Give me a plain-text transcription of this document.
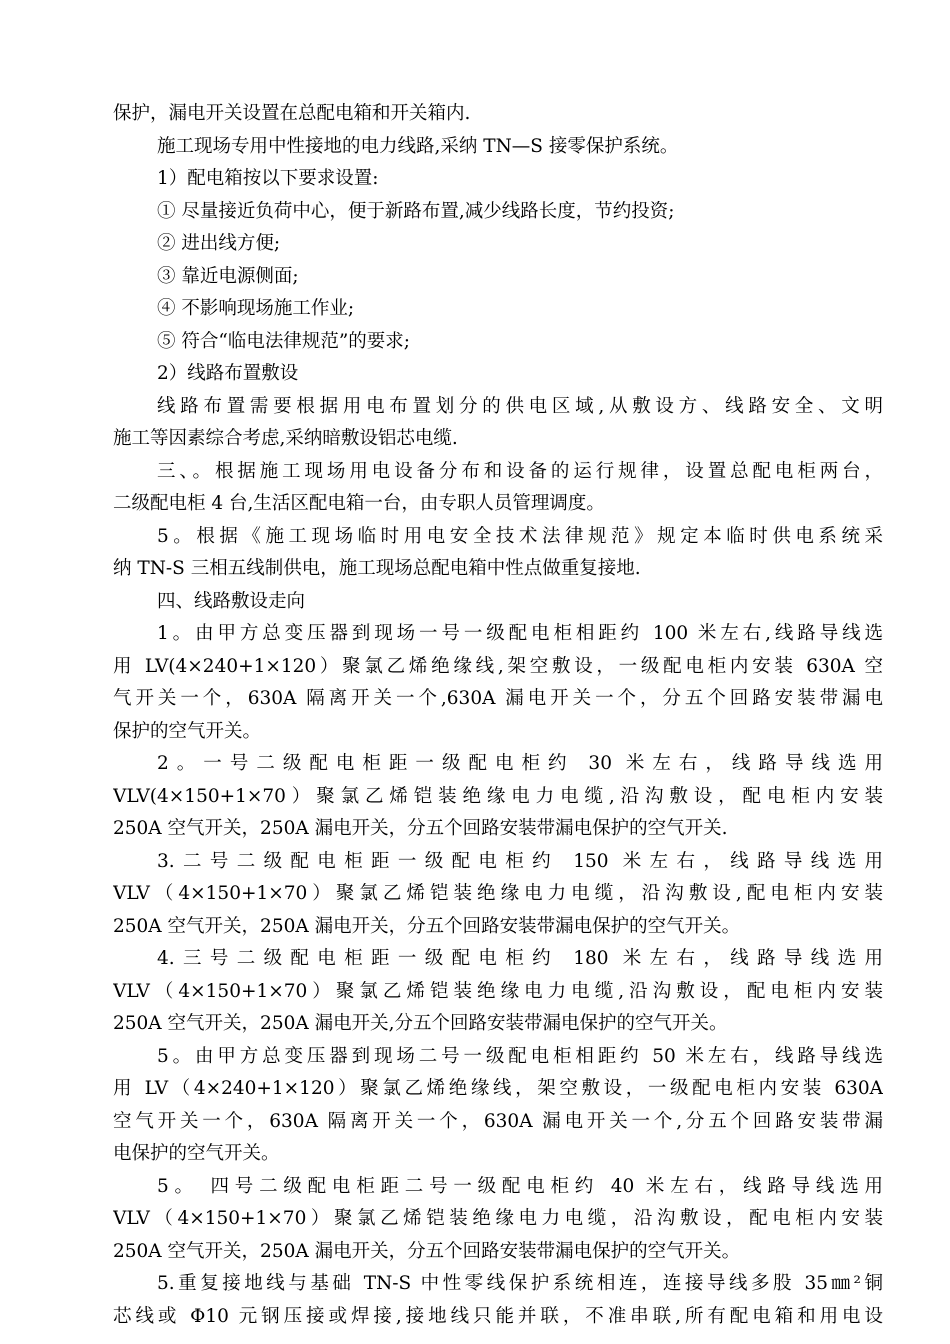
保护，漏电开关设置在总配电箱和开关箱内.
施工现场专用中性接地的电力线路,采纳 TN—S 接零保护系统。
1）配电箱按以下要求设置:
① 尽量接近负荷中心，便于新路布置,减少线路长度，节约投资;
② 进出线方便;
③ 靠近电源侧面;
④ 不影响现场施工作业;
⑤ 符合“临电法律规范”的要求;
2）线路布置敷设
线路布置需要根据用电布置划分的供电区域,从敷设方、线路安全、文明
施工等因素综合考虑,采纳暗敷设铝芯电缆.
三、。根据施工现场用电设备分布和设备的运行规律，设置总配电柜两台，
二级配电柜 4 台,生活区配电箱一台，由专职人员管理调度。
5。根据《施工现场临时用电安全技术法律规范》规定本临时供电系统采
纳 TN-S 三相五线制供电，施工现场总配电箱中性点做重复接地.
四、线路敷设走向
1。由甲方总变压器到现场一号一级配电柜相距约 100 米左右,线路导线选
用 LV(4×240+1×120）聚氯乙烯绝缘线,架空敷设，一级配电柜内安装 630A 空
气开关一个，630A 隔离开关一个,630A 漏电开关一个，分五个回路安装带漏电
保护的空气开关。
2。一号二级配电柜距一级配电柜约 30 米左右，线路导线选用
VLV(4×150+1×70）聚氯乙烯铠装绝缘电力电缆,沿沟敷设，配电柜内安装
250A 空气开关，250A 漏电开关，分五个回路安装带漏电保护的空气开关.
3.二号二级配电柜距一级配电柜约 150 米左右，线路导线选用
VLV（4×150+1×70）聚氯乙烯铠装绝缘电力电缆，沿沟敷设,配电柜内安装
250A 空气开关，250A 漏电开关，分五个回路安装带漏电保护的空气开关。
4.三号二级配电柜距一级配电柜约 180 米左右，线路导线选用
VLV（4×150+1×70）聚氯乙烯铠装绝缘电力电缆,沿沟敷设，配电柜内安装
250A 空气开关，250A 漏电开关,分五个回路安装带漏电保护的空气开关。
5。由甲方总变压器到现场二号一级配电柜相距约 50 米左右，线路导线选
用 LV（4×240+1×120）聚氯乙烯绝缘线，架空敷设，一级配电柜内安装 630A
空气开关一个，630A 隔离开关一个，630A 漏电开关一个,分五个回路安装带漏
电保护的空气开关。
5。 四号二级配电柜距二号一级配电柜约 40 米左右，线路导线选用
VLV（4×150+1×70）聚氯乙烯铠装绝缘电力电缆，沿沟敷设，配电柜内安装
250A 空气开关，250A 漏电开关，分五个回路安装带漏电保护的空气开关。
5.重复接地线与基础 TN-S 中性零线保护系统相连，连接导线多股 35㎜²铜
芯线或 Φ10 元钢压接或焊接,接地线只能并联，不准串联,所有配电箱和用电设
